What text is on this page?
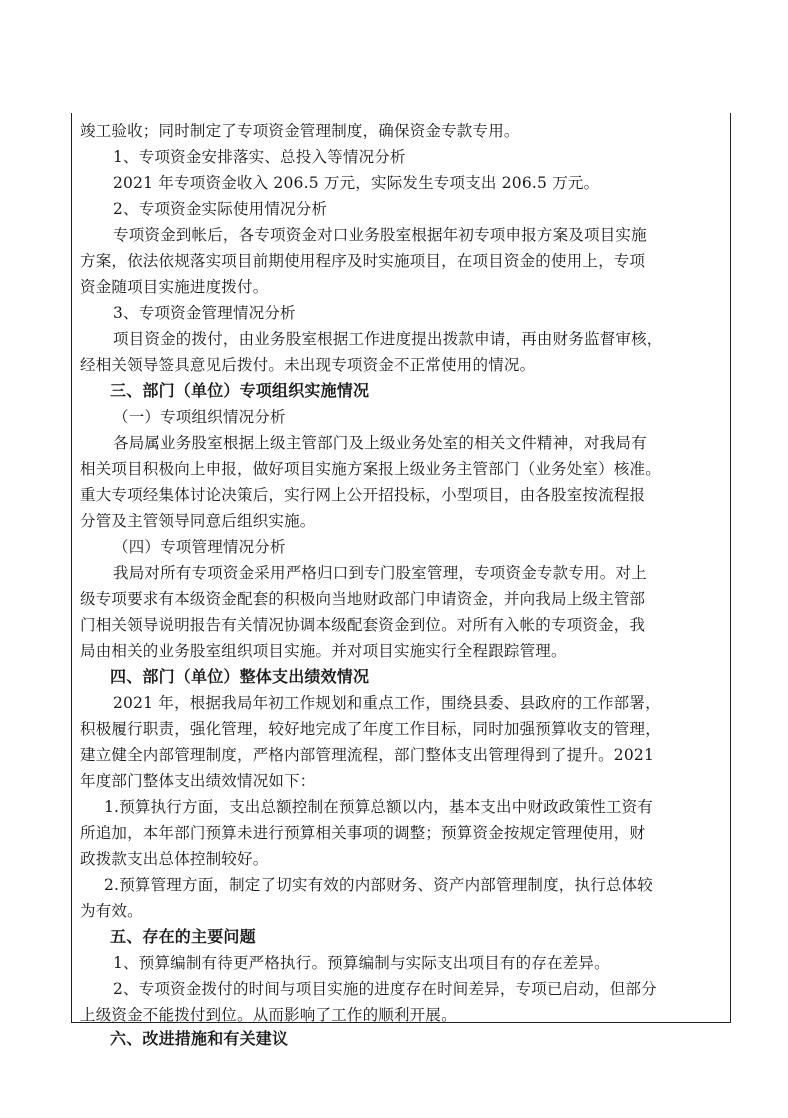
竣工验收；同时制定了专项资金管理制度，确保资金专款专用。
1、专项资金安排落实、总投入等情况分析
2021 年专项资金收入 206.5 万元，实际发生专项支出 206.5 万元。
2、专项资金实际使用情况分析
专项资金到帐后，各专项资金对口业务股室根据年初专项申报方案及项目实施
方案，依法依规落实项目前期使用程序及时实施项目，在项目资金的使用上，专项
资金随项目实施进度拨付。
3、专项资金管理情况分析
项目资金的拨付，由业务股室根据工作进度提出拨款申请，再由财务监督审核，
经相关领导签具意见后拨付。未出现专项资金不正常使用的情况。
三、部门（单位）专项组织实施情况
（一）专项组织情况分析
各局属业务股室根据上级主管部门及上级业务处室的相关文件精神，对我局有
相关项目积极向上申报，做好项目实施方案报上级业务主管部门（业务处室）核准。
重大专项经集体讨论决策后，实行网上公开招投标，小型项目，由各股室按流程报
分管及主管领导同意后组织实施。
（四）专项管理情况分析
我局对所有专项资金采用严格归口到专门股室管理，专项资金专款专用。对上
级专项要求有本级资金配套的积极向当地财政部门申请资金，并向我局上级主管部
门相关领导说明报告有关情况协调本级配套资金到位。对所有入帐的专项资金，我
局由相关的业务股室组织项目实施。并对项目实施实行全程跟踪管理。
四、部门（单位）整体支出绩效情况
2021 年，根据我局年初工作规划和重点工作，围绕县委、县政府的工作部署，
积极履行职责，强化管理，较好地完成了年度工作目标，同时加强预算收支的管理，
建立健全内部管理制度，严格内部管理流程，部门整体支出管理得到了提升。2021
年度部门整体支出绩效情况如下：
1.预算执行方面，支出总额控制在预算总额以内，基本支出中财政政策性工资有
所追加，本年部门预算未进行预算相关事项的调整；预算资金按规定管理使用，财
政拨款支出总体控制较好。
2.预算管理方面，制定了切实有效的内部财务、资产内部管理制度，执行总体较
为有效。
五、存在的主要问题
1、预算编制有待更严格执行。预算编制与实际支出项目有的存在差异。
2、专项资金拨付的时间与项目实施的进度存在时间差异，专项已启动，但部分
上级资金不能拨付到位。从而影响了工作的顺利开展。
六、改进措施和有关建议
